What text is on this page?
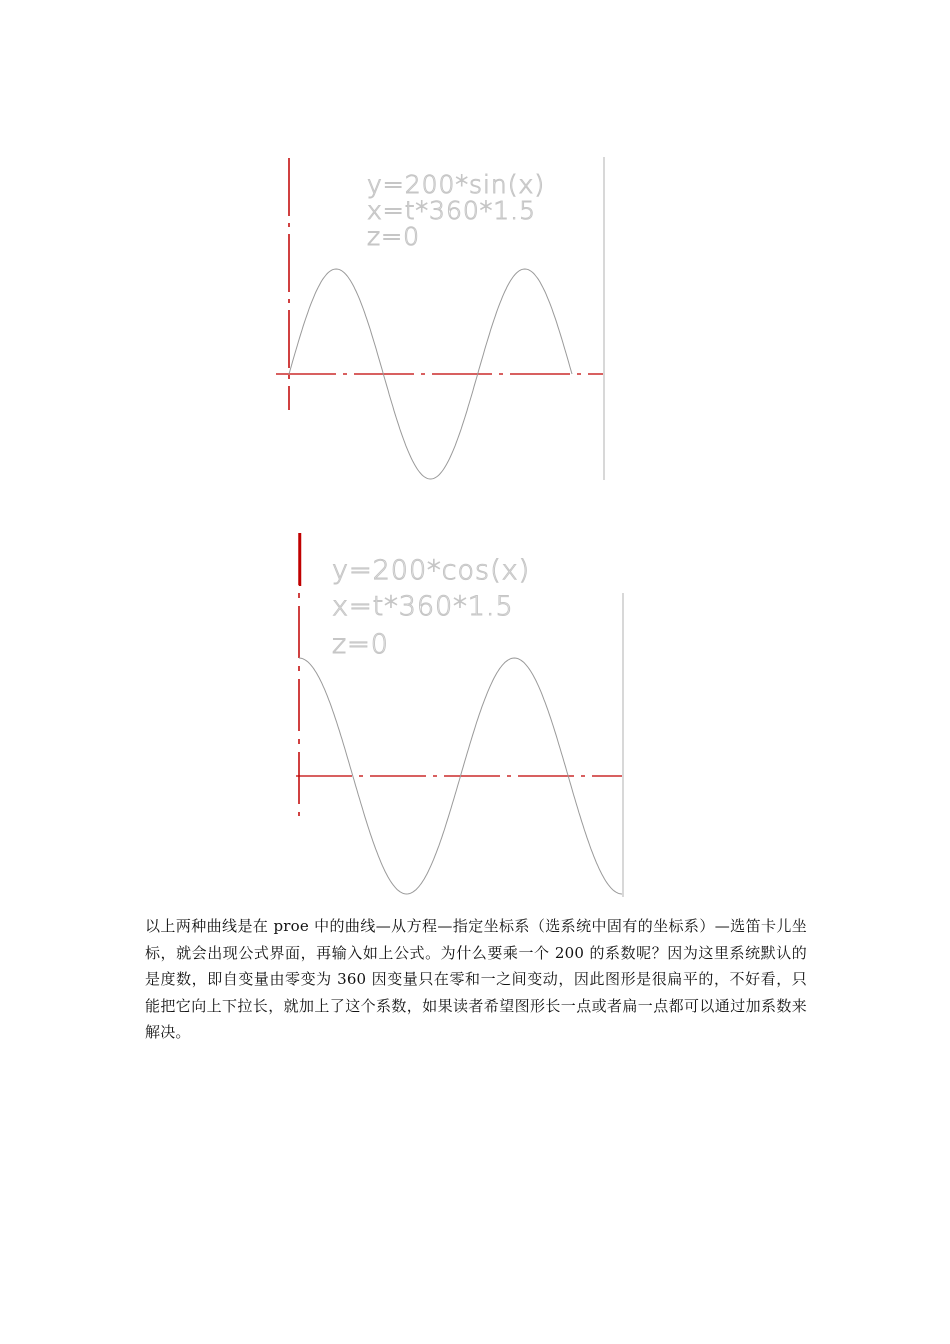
y=200*sin(x)
x=t*360*1.5
z=0
y=200*cos(x)
x=t*360*1.5
z=0
以上两种曲线是在 proe 中的曲线—从方程—指定坐标系（选系统中固有的坐标系）—选笛卡儿坐标，就会出现公式界面，再输入如上公式。为什么要乘一个 200 的系数呢？因为这里系统默认的是度数，即自变量由零变为 360 因变量只在零和一之间变动，因此图形是很扁平的，不好看，只能把它向上下拉长，就加上了这个系数，如果读者希望图形长一点或者扁一点都可以通过加系数来解决。
